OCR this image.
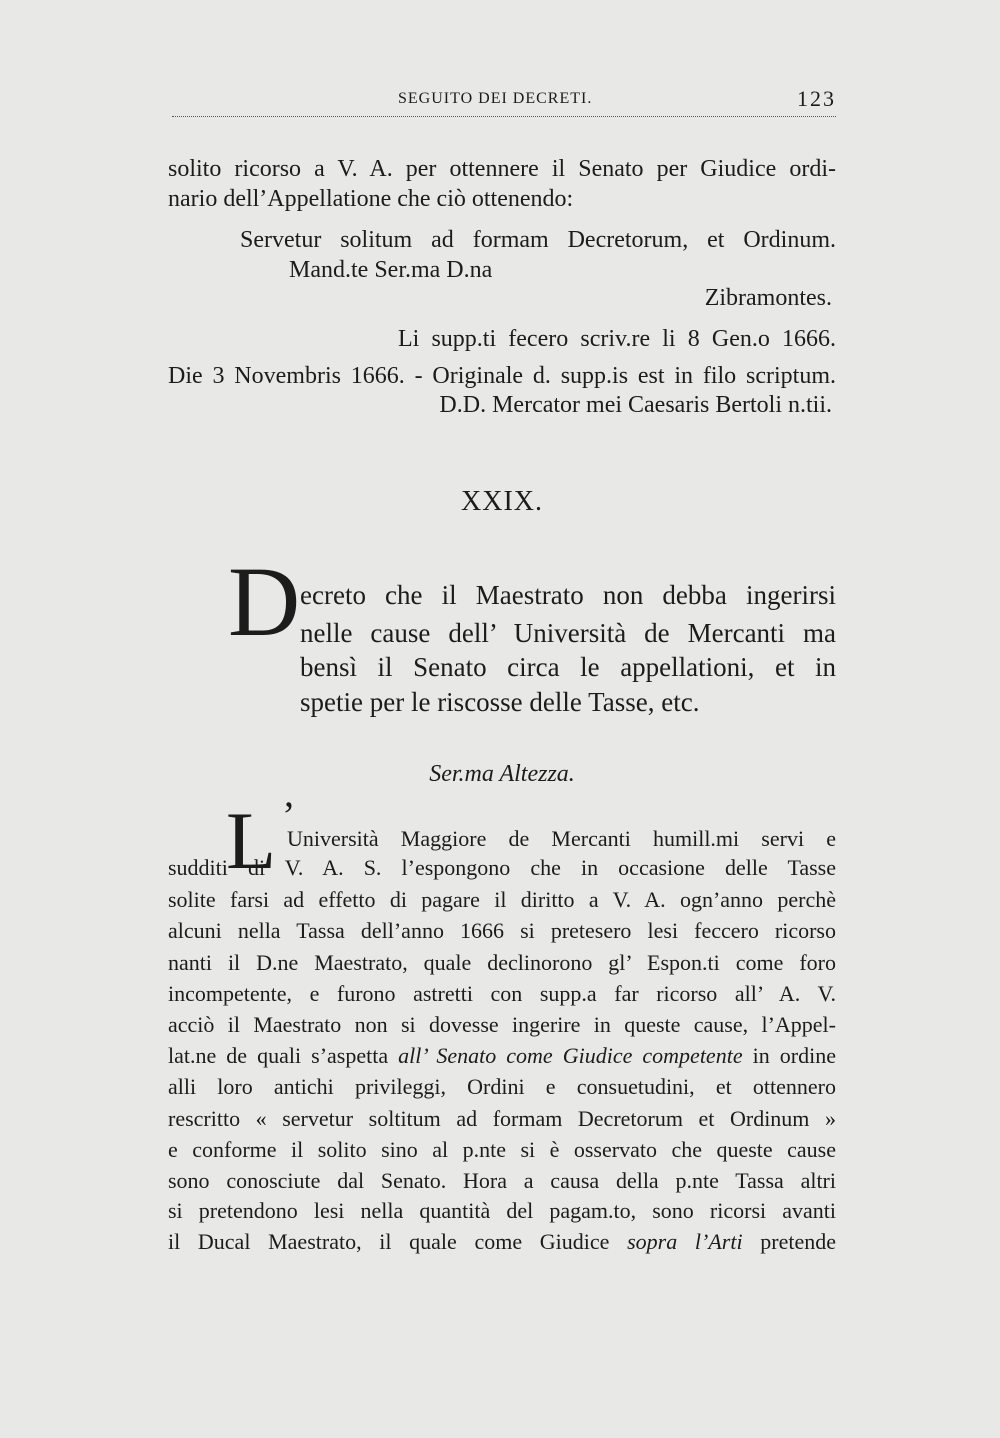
SEGUITO DEI DECRETI.	123
solito ricorso a V. A. per ottennere il Senato per Giudice ordi-
nario dell’Appellatione che ciò ottenendo:
Servetur solitum ad formam Decretorum, et Ordinum.
Mand.te Ser.ma D.na
Zibramontes.
Li supp.ti fecero scriv.re li 8 Gen.o 1666.
Die 3 Novembris 1666. - Originale d. supp.is est in filo scriptum.
D.D. Mercator mei Caesaris Bertoli n.tii.
XXIX.
D ecreto che il Maestrato non debba ingerirsi
nelle cause dell’ Università de Mercanti ma
bensì il Senato circa le appellationi, et in
spetie per le riscosse delle Tasse, etc.
Ser.ma Altezza.
L ’
Università Maggiore de Mercanti humill.mi servi e
sudditi di V. A. S. l’espongono che in occasione delle Tasse
solite farsi ad effetto di pagare il diritto a V. A. ogn’anno perchè
alcuni nella Tassa dell’anno 1666 si pretesero lesi feccero ricorso
nanti il D.ne Maestrato, quale declinorono gl’ Espon.ti come foro
incompetente, e furono astretti con supp.a far ricorso all’ A. V.
acciò il Maestrato non si dovesse ingerire in queste cause, l’Appel-
lat.ne de quali s’aspetta all’ Senato come Giudice competente in ordine
alli loro antichi privileggi, Ordini e consuetudini, et ottennero
rescritto « servetur soltitum ad formam Decretorum et Ordinum »
e conforme il solito sino al p.nte si è osservato che queste cause
sono conosciute dal Senato. Hora a causa della p.nte Tassa altri
si pretendono lesi nella quantità del pagam.to, sono ricorsi avanti
il Ducal Maestrato, il quale come Giudice sopra l’Arti pretende
